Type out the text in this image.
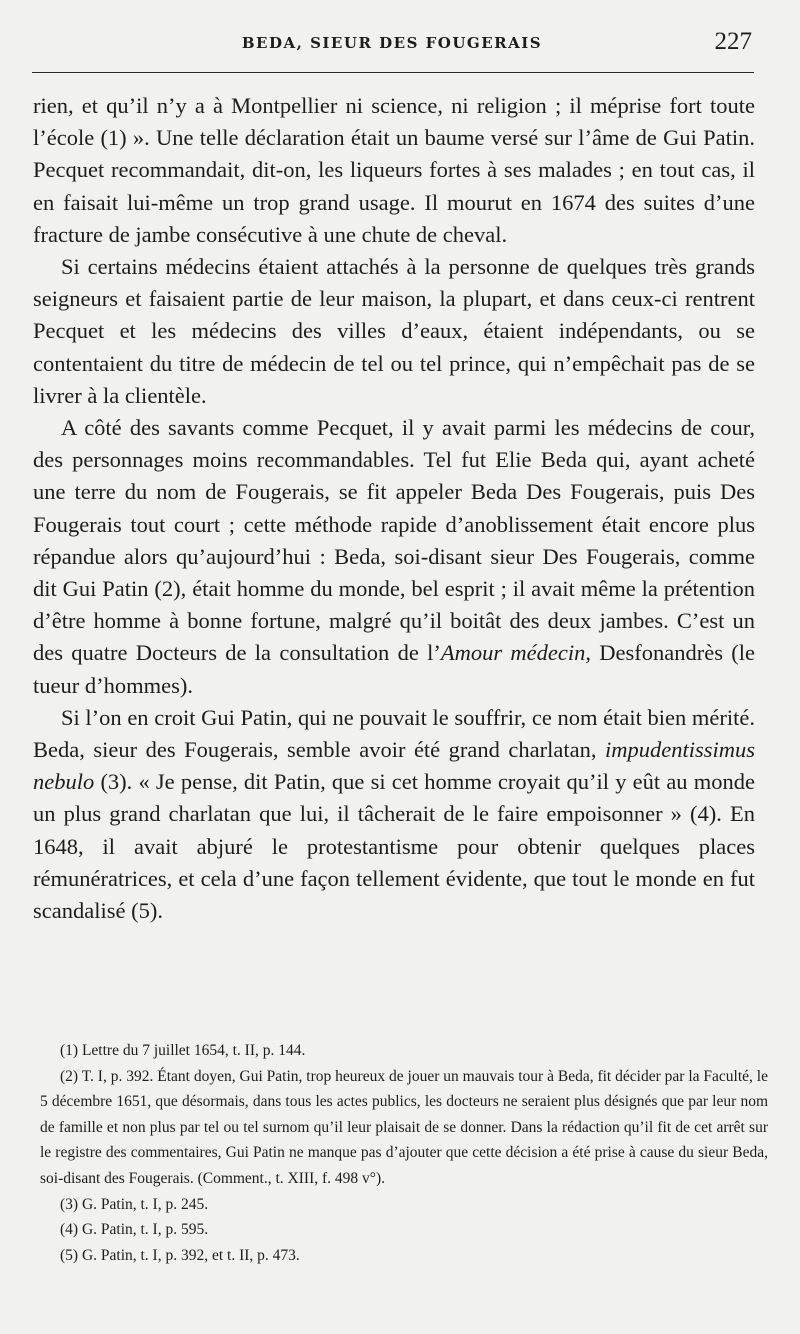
BEDA, SIEUR DES FOUGERAIS	227

rien, et qu’il n’y a à Montpellier ni science, ni religion ; il méprise fort toute l’école (1) ». Une telle déclaration était un baume versé sur l’âme de Gui Patin. Pecquet recommandait, dit-on, les liqueurs fortes à ses malades ; en tout cas, il en faisait lui-même un trop grand usage. Il mourut en 1674 des suites d’une fracture de jambe consécutive à une chute de cheval.

Si certains médecins étaient attachés à la personne de quelques très grands seigneurs et faisaient partie de leur maison, la plupart, et dans ceux-ci rentrent Pecquet et les médecins des villes d’eaux, étaient indépendants, ou se contentaient du titre de médecin de tel ou tel prince, qui n’empêchait pas de se livrer à la clientèle.

A côté des savants comme Pecquet, il y avait parmi les médecins de cour, des personnages moins recommandables. Tel fut Elie Beda qui, ayant acheté une terre du nom de Fougerais, se fit appeler Beda Des Fougerais, puis Des Fougerais tout court ; cette méthode rapide d’anoblissement était encore plus répandue alors qu’aujourd’hui : Beda, soi-disant sieur Des Fougerais, comme dit Gui Patin (2), était homme du monde, bel esprit ; il avait même la prétention d’être homme à bonne fortune, malgré qu’il boitât des deux jambes. C’est un des quatre Docteurs de la consultation de l’Amour médecin, Desfonandrès (le tueur d’hommes).

Si l’on en croit Gui Patin, qui ne pouvait le souffrir, ce nom était bien mérité. Beda, sieur des Fougerais, semble avoir été grand charlatan, impudentissimus nebulo (3). « Je pense, dit Patin, que si cet homme croyait qu’il y eût au monde un plus grand charlatan que lui, il tâcherait de le faire empoisonner » (4). En 1648, il avait abjuré le protestantisme pour obtenir quelques places rémunératrices, et cela d’une façon tellement évidente, que tout le monde en fut scandalisé (5).

(1) Lettre du 7 juillet 1654, t. II, p. 144.

(2) T. I, p. 392. Étant doyen, Gui Patin, trop heureux de jouer un mauvais tour à Beda, fit décider par la Faculté, le 5 décembre 1651, que désormais, dans tous les actes publics, les docteurs ne seraient plus désignés que par leur nom de famille et non plus par tel ou tel surnom qu’il leur plaisait de se donner. Dans la rédaction qu’il fit de cet arrêt sur le registre des commentaires, Gui Patin ne manque pas d’ajouter que cette décision a été prise à cause du sieur Beda, soi-disant des Fougerais. (Comment., t. XIII, f. 498 v°).

(3) G. Patin, t. I, p. 245.

(4) G. Patin, t. I, p. 595.

(5) G. Patin, t. I, p. 392, et t. II, p. 473.
